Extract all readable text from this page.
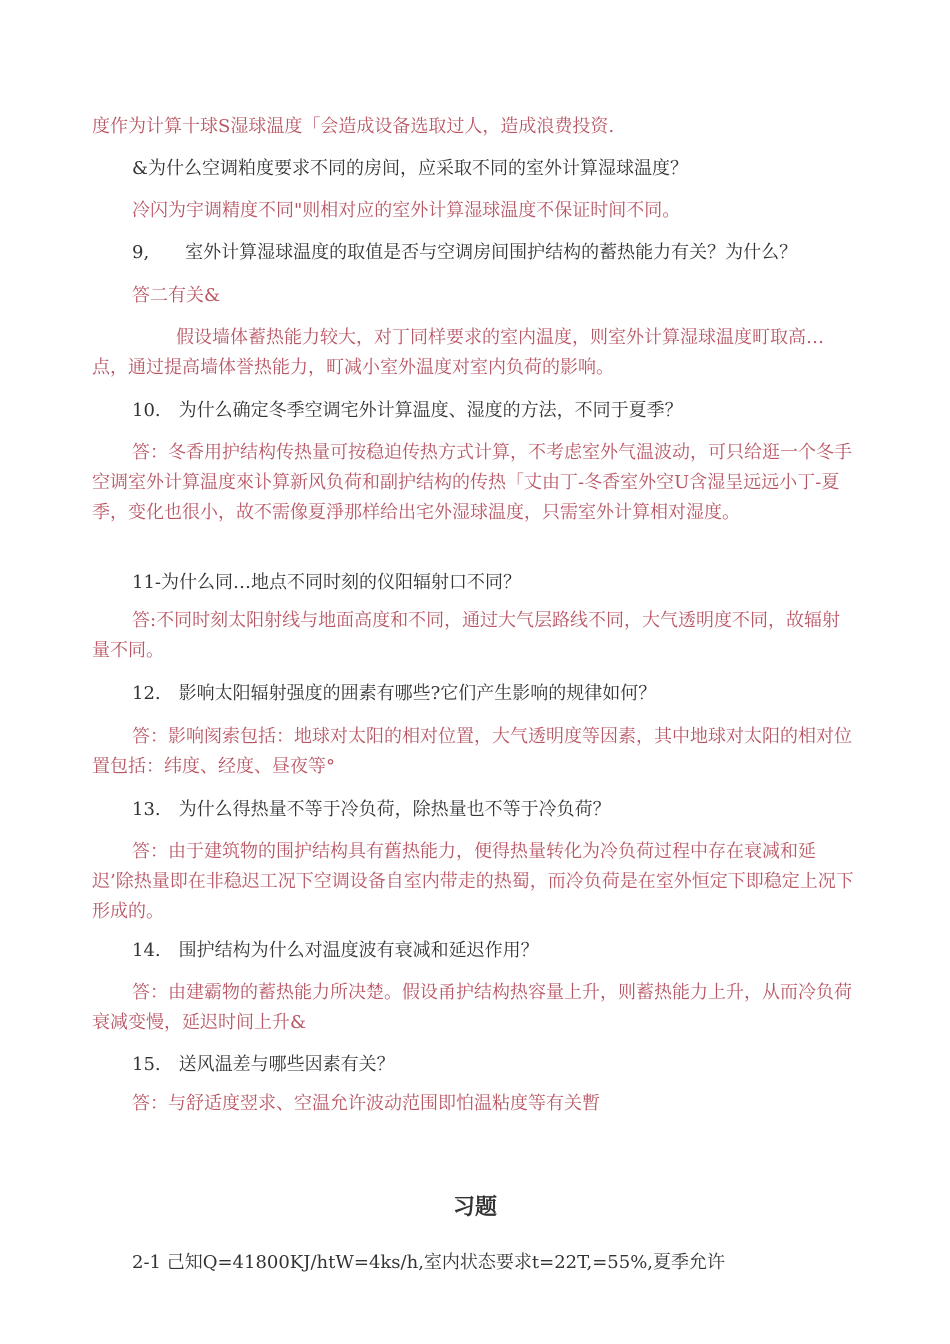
度作为计算十球S湿球温度「会造成设备选取过人，造成浪费投资.

&为什么空调粕度要求不同的房间，应采取不同的室外计算湿球温度？

冷闪为宇调精度不同"则相对应的室外计算湿球温度不保证时间不同。

9,　　室外计算湿球温度的取值是否与空调房间围护结构的蓄热能力有关？为什么？

答二有关&

假设墙体蓄热能力较大，对丁同样要求的室内温度，则室外计算湿球温度町取高…点，通过提高墙体誉热能力，町减小室外温度对室内负荷的影响。

10.　为什么确定冬季空调宅外计算温度、湿度的方法，不同于夏季？

答：冬香用护结构传热量可按稳迫传热方式计算，不考虑室外气温波动，可只给逛一个冬手空调室外计算温度來讣算新风负荷和副护结构的传热「丈由丁-冬香室外空U含湿呈远远小丁-夏季，变化也很小，故不需像夏淨那样给出宅外湿球温度，只需室外计算相对湿度。

11-为什么同…地点不同时刻的仪阳辐射口不同？

答:不同时刻太阳射线与地面高度和不同，通过大气层路线不同，大气透明度不同，故辐射量不同。

12.　影响太阳辐射强度的囲素有哪些?它们产生影响的规律如何？

答：影响阂索包括：地球对太阳的相对位置，大气透明度等因素，其中地球对太阳的相对位置包括：纬度、经度、昼夜等°

13.　为什么得热量不等于冷负荷，除热量也不等于冷负荷？

答：由于建筑物的围护结构具有舊热能力，便得热量转化为冷负荷过程中存在衰减和延迟’除热量即在非稳迟工况下空调设备自室内带走的热蜀，而冷负荷是在室外恒定下即稳定上况下形成的。

14.　围护结构为什么对温度波有衰减和延迟作用？

答：由建霸物的蓄热能力所决楚。假设甬护结构热容量上升，则蓄热能力上升，从而冷负荷衰减变慢，延迟时间上升&

15.　送风温差与哪些因素有关？

答：与舒适度翌求、空温允许波动范围即怕温粘度等有关暫

习题

2-1 己知Q=41800KJ/htW=4ks/h,室内状态要求t=22T,=55%,夏季允许
